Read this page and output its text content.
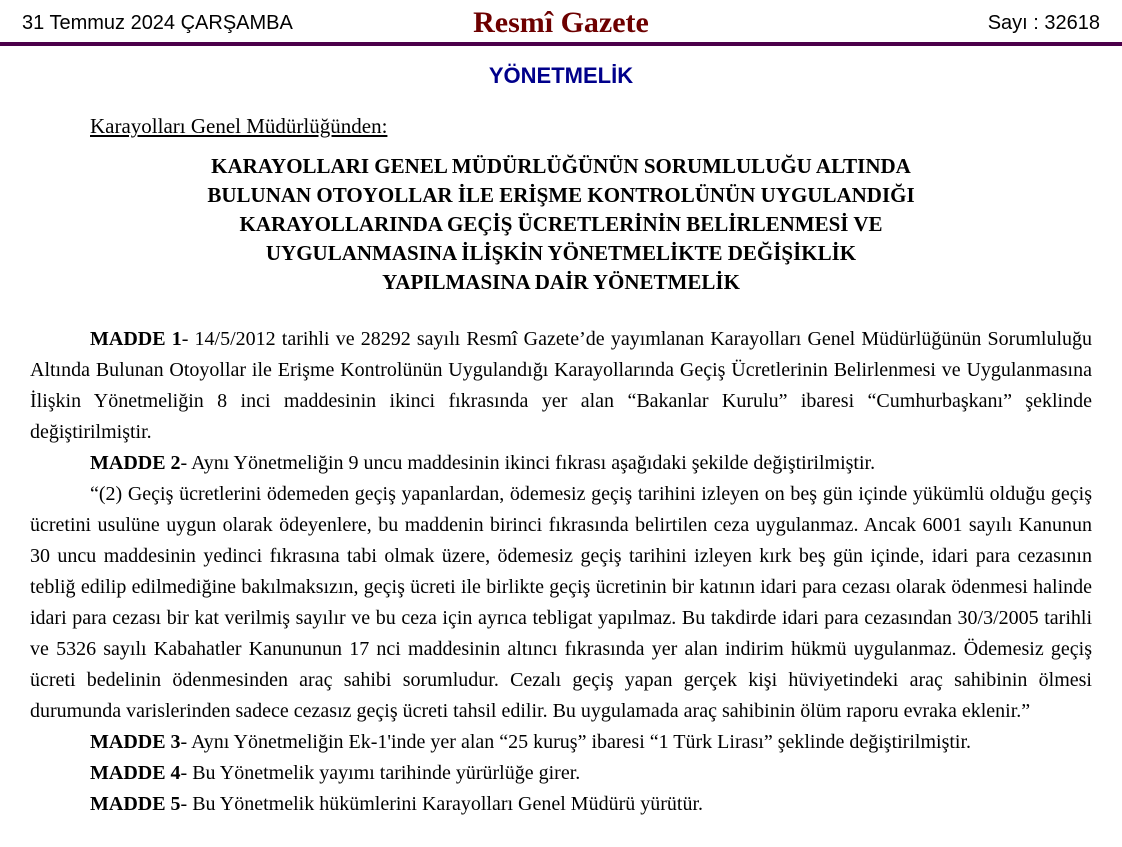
31 Temmuz 2024 ÇARŞAMBA	Resmî Gazete	Sayı : 32618
YÖNETMELİK

Karayolları Genel Müdürlüğünden:

KARAYOLLARI GENEL MÜDÜRLÜĞÜNÜN SORUMLULUĞU ALTINDA
BULUNAN OTOYOLLAR İLE ERİŞME KONTROLÜNÜN UYGULANDIĞI
KARAYOLLARINDA GEÇİŞ ÜCRETLERİNİN BELİRLENMESİ VE
UYGULANMASINA İLİŞKİN YÖNETMELİKTE DEĞİŞİKLİK
YAPILMASINA DAİR YÖNETMELİK

MADDE 1- 14/5/2012 tarihli ve 28292 sayılı Resmî Gazete’de yayımlanan Karayolları Genel Müdürlüğünün Sorumluluğu Altında Bulunan Otoyollar ile Erişme Kontrolünün Uygulandığı Karayollarında Geçiş Ücretlerinin Belirlenmesi ve Uygulanmasına İlişkin Yönetmeliğin 8 inci maddesinin ikinci fıkrasında yer alan “Bakanlar Kurulu” ibaresi “Cumhurbaşkanı” şeklinde değiştirilmiştir.

MADDE 2- Aynı Yönetmeliğin 9 uncu maddesinin ikinci fıkrası aşağıdaki şekilde değiştirilmiştir.

“(2) Geçiş ücretlerini ödemeden geçiş yapanlardan, ödemesiz geçiş tarihini izleyen on beş gün içinde yükümlü olduğu geçiş ücretini usulüne uygun olarak ödeyenlere, bu maddenin birinci fıkrasında belirtilen ceza uygulanmaz. Ancak 6001 sayılı Kanunun 30 uncu maddesinin yedinci fıkrasına tabi olmak üzere, ödemesiz geçiş tarihini izleyen kırk beş gün içinde, idari para cezasının tebliğ edilip edilmediğine bakılmaksızın, geçiş ücreti ile birlikte geçiş ücretinin bir katının idari para cezası olarak ödenmesi halinde idari para cezası bir kat verilmiş sayılır ve bu ceza için ayrıca tebligat yapılmaz. Bu takdirde idari para cezasından 30/3/2005 tarihli ve 5326 sayılı Kabahatler Kanununun 17 nci maddesinin altıncı fıkrasında yer alan indirim hükmü uygulanmaz. Ödemesiz geçiş ücreti bedelinin ödenmesinden araç sahibi sorumludur. Cezalı geçiş yapan gerçek kişi hüviyetindeki araç sahibinin ölmesi durumunda varislerinden sadece cezasız geçiş ücreti tahsil edilir. Bu uygulamada araç sahibinin ölüm raporu evraka eklenir.”

MADDE 3- Aynı Yönetmeliğin Ek-1'inde yer alan “25 kuruş” ibaresi “1 Türk Lirası” şeklinde değiştirilmiştir.

MADDE 4- Bu Yönetmelik yayımı tarihinde yürürlüğe girer.

MADDE 5- Bu Yönetmelik hükümlerini Karayolları Genel Müdürü yürütür.
